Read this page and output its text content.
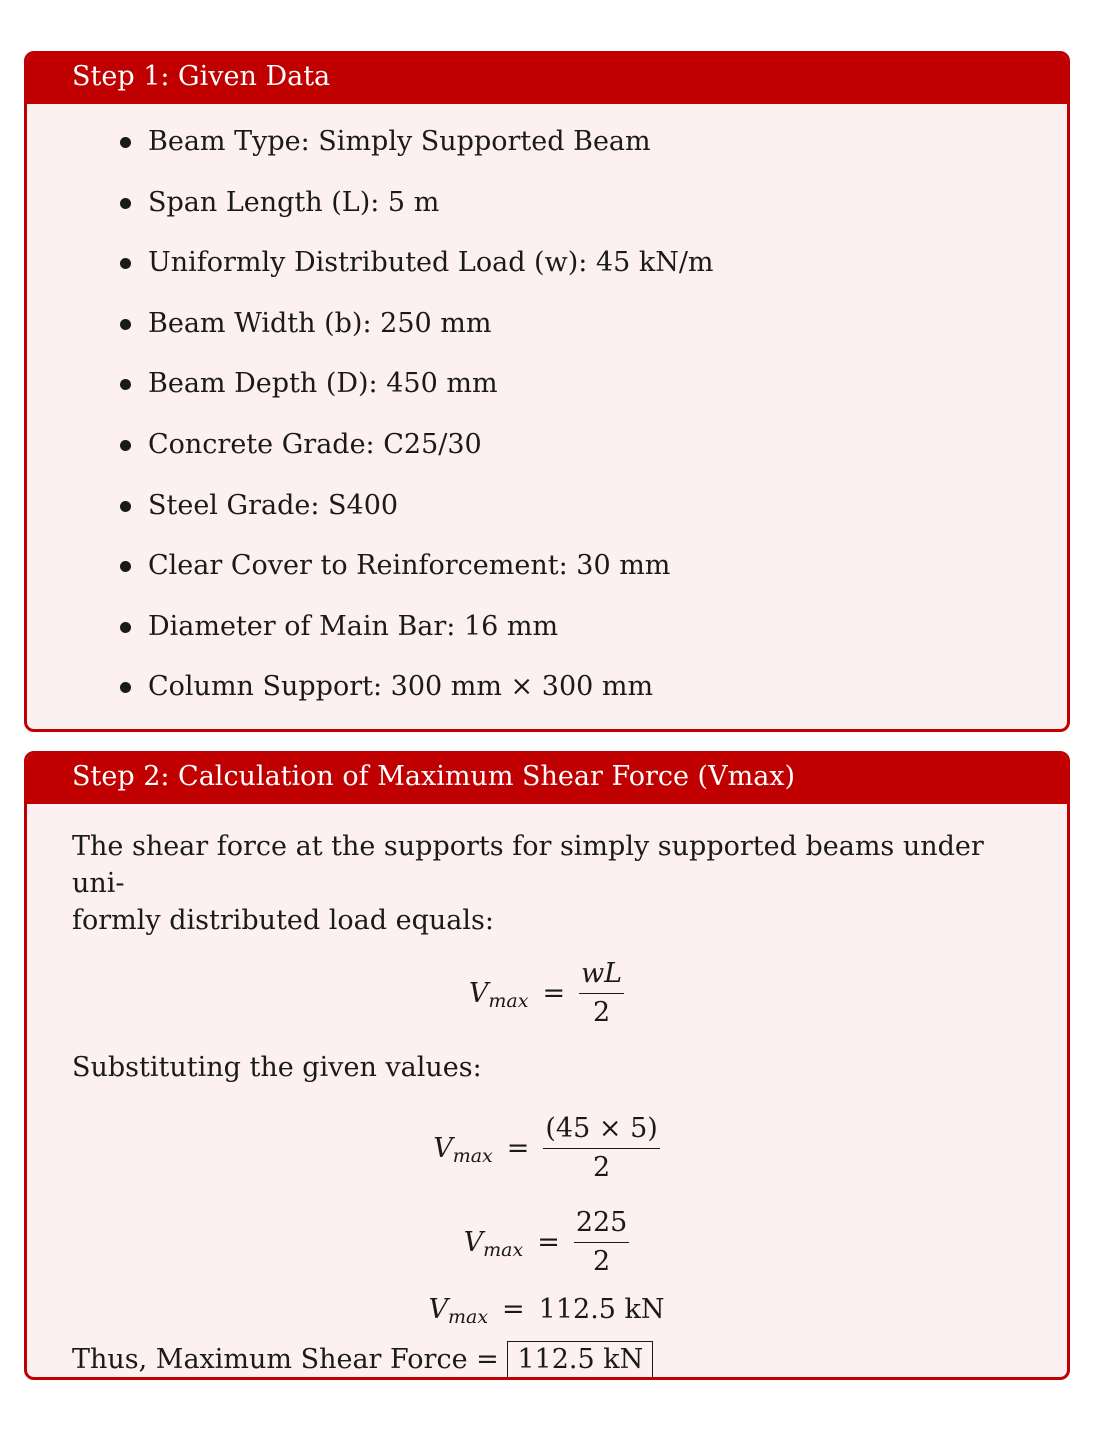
Step 1: Given Data
Beam Type: Simply Supported Beam
Span Length (L): 5 m
Uniformly Distributed Load (w): 45 kN/m
Beam Width (b): 250 mm
Beam Depth (D): 450 mm
Concrete Grade: C25/30
Steel Grade: S400
Clear Cover to Reinforcement: 30 mm
Diameter of Main Bar: 16 mm
Column Support: 300 mm × 300 mm
Step 2: Calculation of Maximum Shear Force (Vmax)

The shear force at the supports for simply supported beams under uni-
formly distributed load equals:

V $\max = \frac{wL}{2}$

Substituting the given values:

V $\max = \frac{(45 \times 5)}{2}$
V $\max = \frac{225}{2}$
V max = 112.5 kN

Thus, Maximum Shear Force = 112.5 kN
